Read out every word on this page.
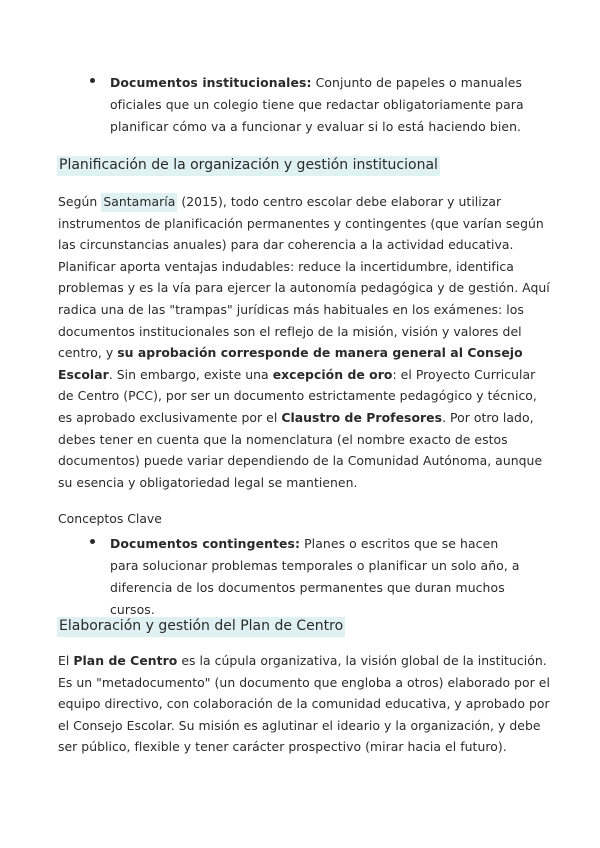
Documentos institucionales: Conjunto de papeles o manuales oficiales que un colegio tiene que redactar obligatoriamente para planificar cómo va a funcionar y evaluar si lo está haciendo bien.
Planificación de la organización y gestión institucional

Según Santamaría (2015), todo centro escolar debe elaborar y utilizar instrumentos de planificación permanentes y contingentes (que varían según las circunstancias anuales) para dar coherencia a la actividad educativa. Planificar aporta ventajas indudables: reduce la incertidumbre, identifica problemas y es la vía para ejercer la autonomía pedagógica y de gestión. Aquí radica una de las "trampas" jurídicas más habituales en los exámenes: los documentos institucionales son el reflejo de la misión, visión y valores del centro, y su aprobación corresponde de manera general al Consejo Escolar. Sin embargo, existe una excepción de oro: el Proyecto Curricular de Centro (PCC), por ser un documento estrictamente pedagógico y técnico, es aprobado exclusivamente por el Claustro de Profesores. Por otro lado, debes tener en cuenta que la nomenclatura (el nombre exacto de estos documentos) puede variar dependiendo de la Comunidad Autónoma, aunque su esencia y obligatoriedad legal se mantienen.

Conceptos Clave
Documentos contingentes: Planes o escritos que se hacen para solucionar problemas temporales o planificar un solo año, a diferencia de los documentos permanentes que duran muchos cursos.
Elaboración y gestión del Plan de Centro

El Plan de Centro es la cúpula organizativa, la visión global de la institución. Es un "metadocumento" (un documento que engloba a otros) elaborado por el equipo directivo, con colaboración de la comunidad educativa, y aprobado por el Consejo Escolar. Su misión es aglutinar el ideario y la organización, y debe ser público, flexible y tener carácter prospectivo (mirar hacia el futuro).
